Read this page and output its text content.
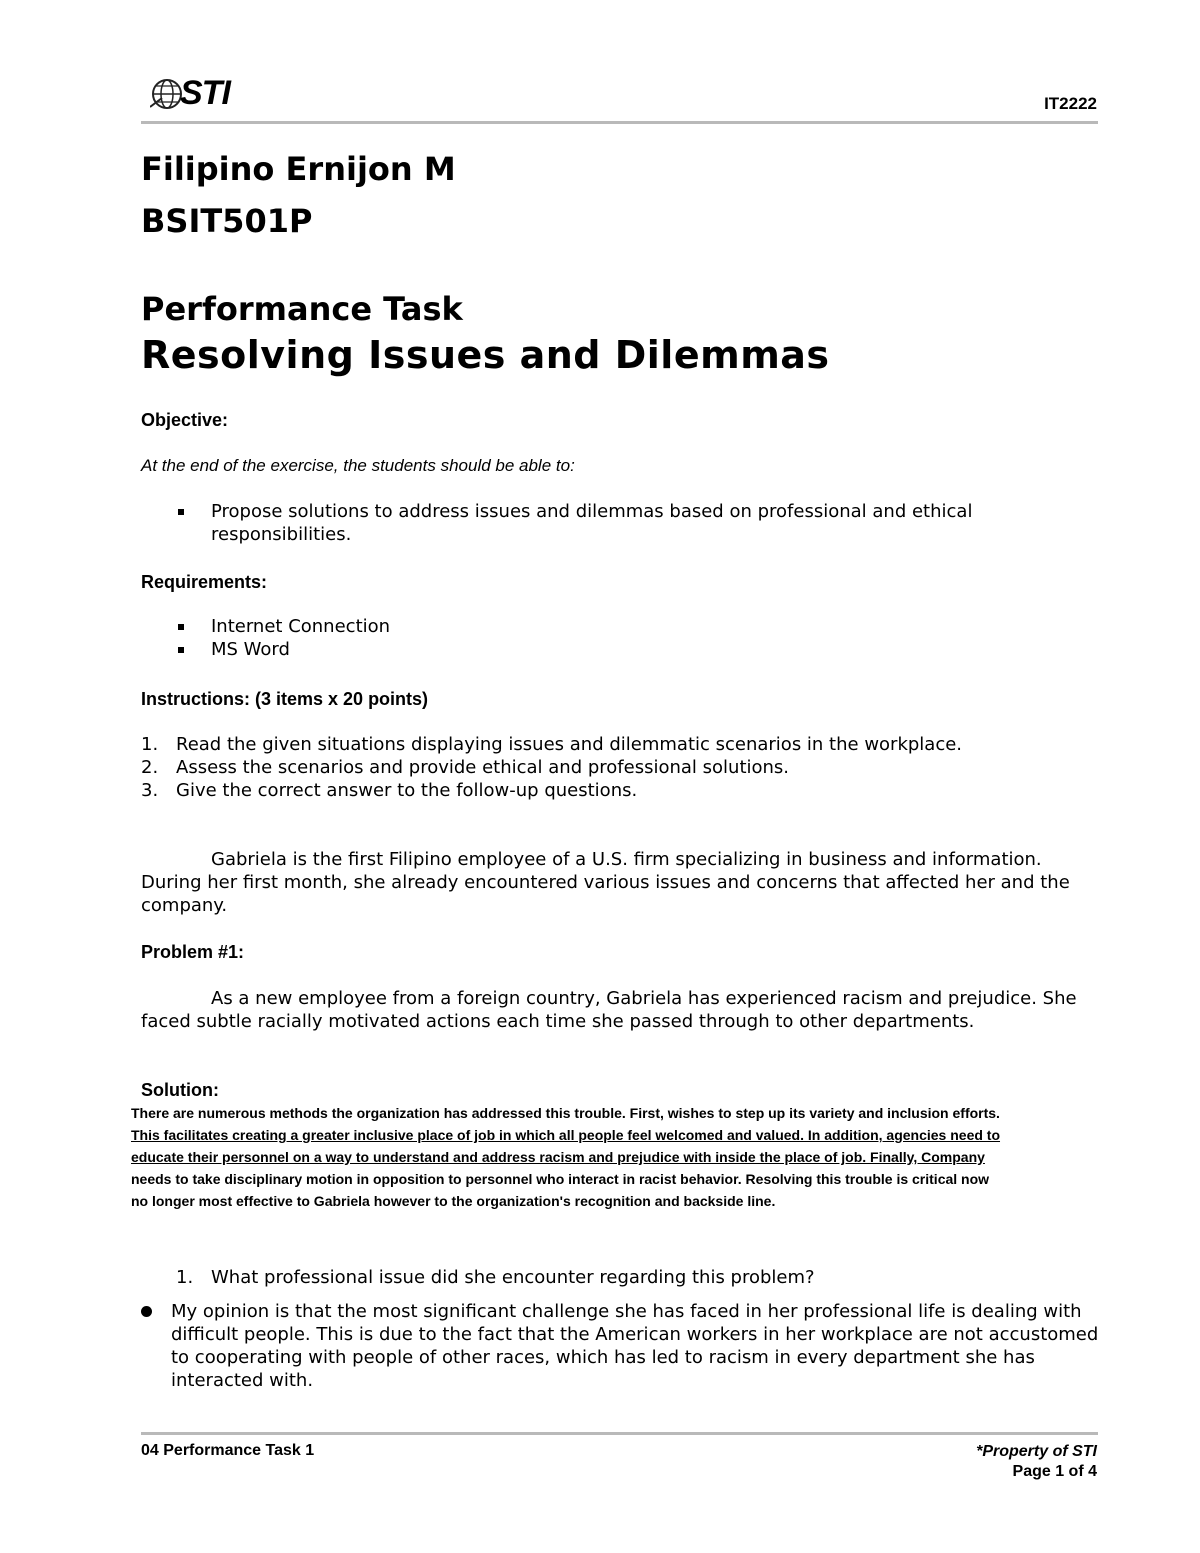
STI	IT2222
Filipino Ernijon M
BSIT501P
Performance Task
Resolving Issues and Dilemmas
Objective:
At the end of the exercise, the students should be able to:
Propose solutions to address issues and dilemmas based on professional and ethical responsibilities.
Requirements:
Internet Connection
MS Word
Instructions: (3 items x 20 points)
1. Read the given situations displaying issues and dilemmatic scenarios in the workplace.
2. Assess the scenarios and provide ethical and professional solutions.
3. Give the correct answer to the follow-up questions.
Gabriela is the first Filipino employee of a U.S. firm specializing in business and information. During her first month, she already encountered various issues and concerns that affected her and the company.
Problem #1:
As a new employee from a foreign country, Gabriela has experienced racism and prejudice. She faced subtle racially motivated actions each time she passed through to other departments.
Solution:
There are numerous methods the organization has addressed this trouble. First, wishes to step up its variety and inclusion efforts.
This facilitates creating a greater inclusive place of job in which all people feel welcomed and valued. In addition, agencies need to
educate their personnel on a way to understand and address racism and prejudice with inside the place of job. Finally, Company
needs to take disciplinary motion in opposition to personnel who interact in racist behavior. Resolving this trouble is critical now
no longer most effective to Gabriela however to the organization's recognition and backside line.
1. What professional issue did she encounter regarding this problem?
My opinion is that the most significant challenge she has faced in her professional life is dealing with difficult people. This is due to the fact that the American workers in her workplace are not accustomed to cooperating with people of other races, which has led to racism in every department she has interacted with.
04 Performance Task 1	*Property of STI
Page 1 of 4
